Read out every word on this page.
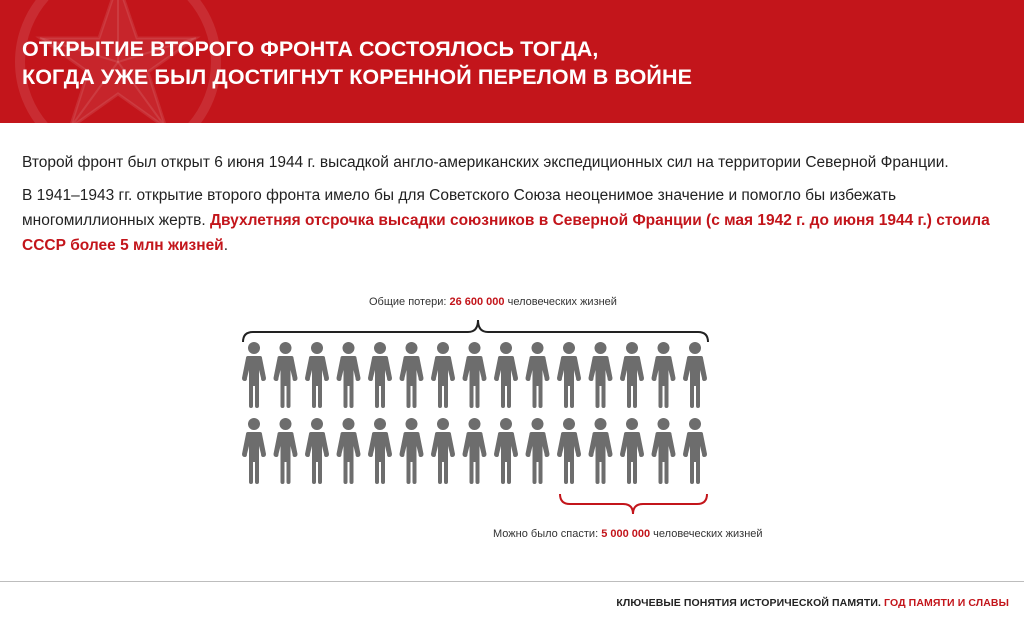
ОТКРЫТИЕ ВТОРОГО ФРОНТА СОСТОЯЛОСЬ ТОГДА,
КОГДА УЖЕ БЫЛ ДОСТИГНУТ КОРЕННОЙ ПЕРЕЛОМ В ВОЙНЕ

Второй фронт был открыт 6 июня 1944 г. высадкой англо-американских экспедиционных сил на территории Северной Франции.

В 1941–1943 гг. открытие второго фронта имело бы для Советского Союза неоценимое значение и помогло бы избежать многомиллионных жертв. Двухлетняя отсрочка высадки союзников в Северной Франции (с мая 1942 г. до июня 1944 г.) стоила СССР более 5 млн жизней.

Общие потери: 26 600 000 человеческих жизней
Можно было спасти: 5 000 000 человеческих жизней
КЛЮЧЕВЫЕ ПОНЯТИЯ ИСТОРИЧЕСКОЙ ПАМЯТИ. ГОД ПАМЯТИ И СЛАВЫ
